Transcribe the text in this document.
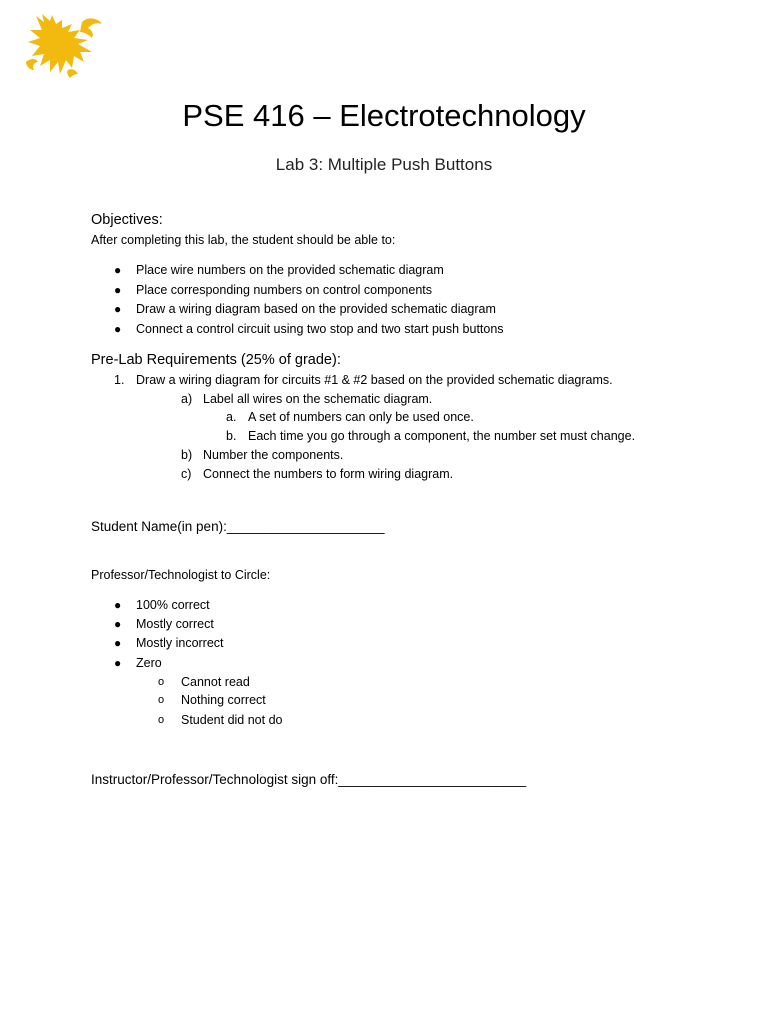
PSE 416 – Electrotechnology
Lab 3: Multiple Push Buttons
Objectives:
After completing this lab, the student should be able to:
● Place wire numbers on the provided schematic diagram
● Place corresponding numbers on control components
● Draw a wiring diagram based on the provided schematic diagram
● Connect a control circuit using two stop and two start push buttons
Pre-Lab Requirements (25% of grade):
1. Draw a wiring diagram for circuits #1 & #2 based on the provided schematic diagrams.
a) Label all wires on the schematic diagram.
a. A set of numbers can only be used once.
b. Each time you go through a component, the number set must change.
b) Number the components.
c) Connect the numbers to form wiring diagram.
Student Name(in pen):_____________________
Professor/Technologist to Circle:
● 100% correct
● Mostly correct
● Mostly incorrect
● Zero
o Cannot read
o Nothing correct
o Student did not do
Instructor/Professor/Technologist sign off:_________________________
